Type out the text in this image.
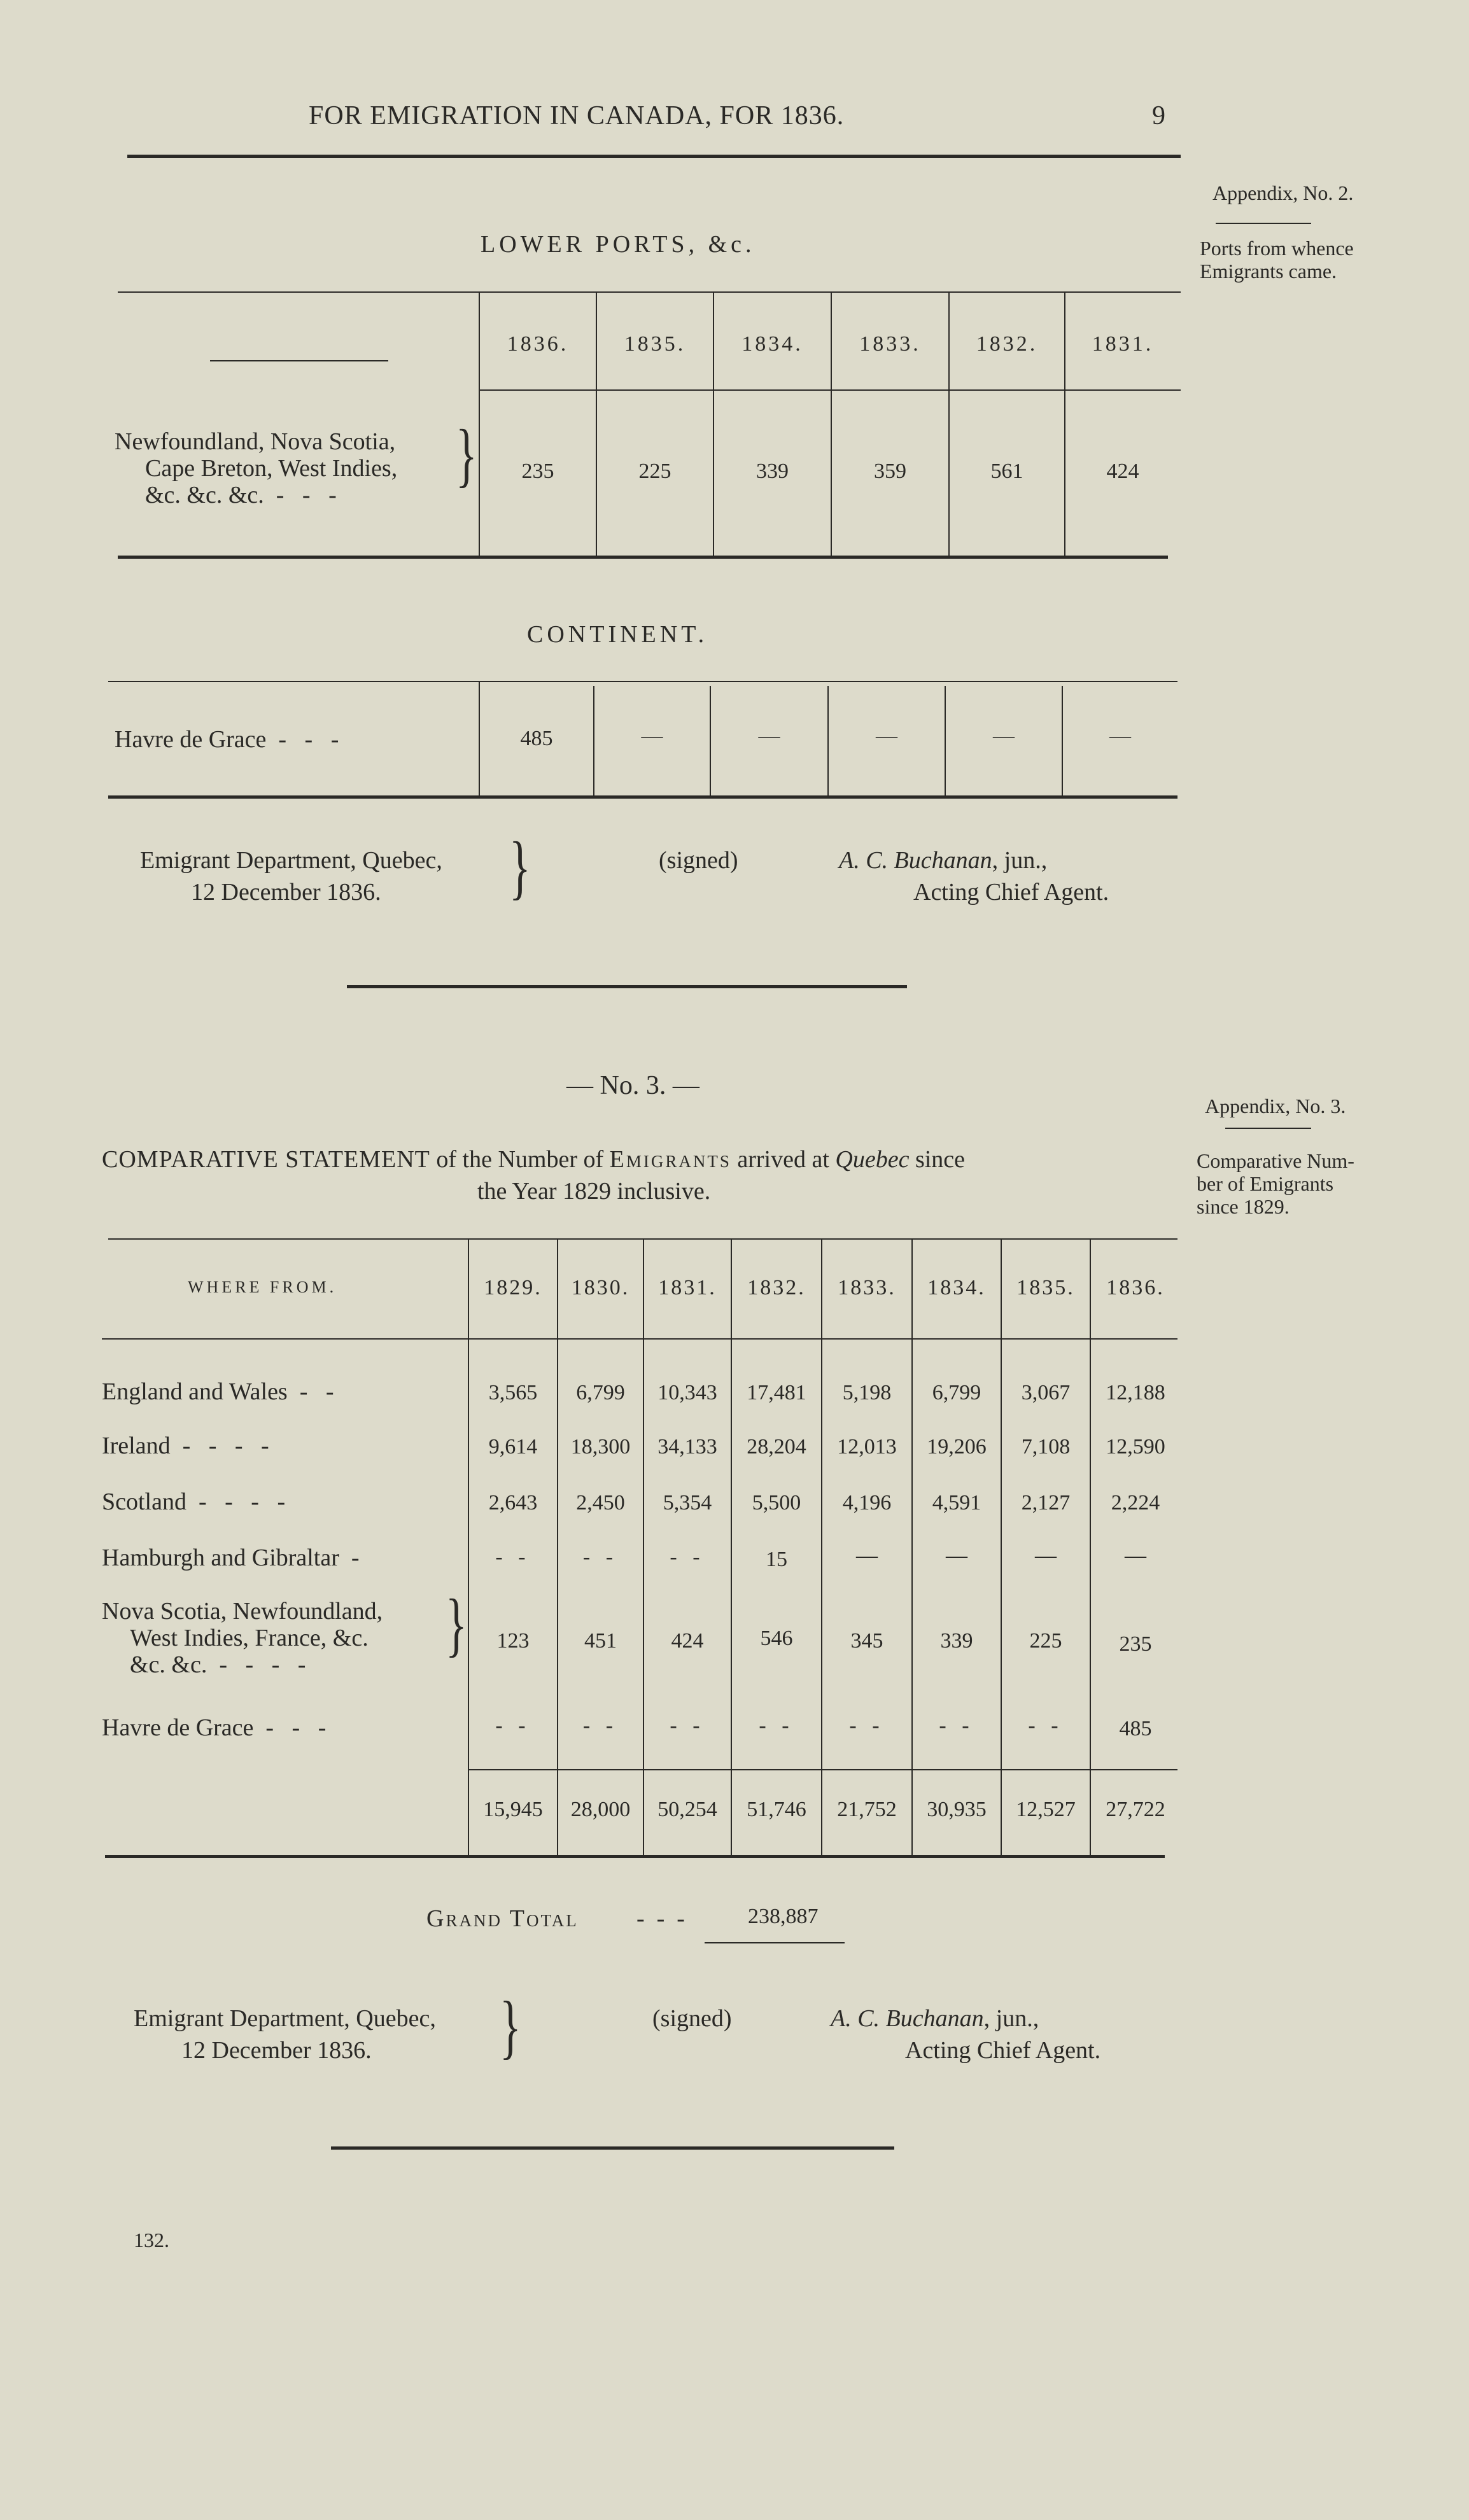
FOR EMIGRATION IN CANADA, FOR 1836.	9
Appendix, No. 2.
Ports from whence
Emigrants came.
LOWER PORTS, &c.
1836.	1835.	1834.	1833.	1832.	1831.
Newfoundland, Nova Scotia,
Cape Breton, West Indies,
&c. &c. &c.  -   -   -
}	235	225	339	359	561	424
CONTINENT.
Havre de Grace  -   -   -	485	—	—	—	—	—
Emigrant Department, Quebec,
12 December 1836.	}	(signed)	A. C. Buchanan, jun.,
Acting Chief Agent.
— No. 3. —
Appendix, No. 3.
Comparative Num-
ber of Emigrants
since 1829.
COMPARATIVE STATEMENT of the Number of Emigrants arrived at Quebec since
the Year 1829 inclusive.
WHERE FROM.	1829.	1830.	1831.	1832.	1833.	1834.	1835.	1836.
England and Wales  -   -	3,565	6,799	10,343	17,481	5,198	6,799	3,067	12,188
Ireland  -   -   -   -	9,614	18,300	34,133	28,204	12,013	19,206	7,108	12,590
Scotland  -   -   -   -	2,643	2,450	5,354	5,500	4,196	4,591	2,127	2,224
Hamburgh and Gibraltar  -	- -	- -	- -	15	—	—	—	—
Nova Scotia, Newfoundland,
West Indies, France, &c.
&c. &c.  -   -   -   -
}	123	451	424	546	345	339	225	235
Havre de Grace  -   -   -	- -	- -	- -	- -	- -	- -	- -	485
15,945	28,000	50,254	51,746	21,752	30,935	12,527	27,722
Grand Total -  -  -	238,887
Emigrant Department, Quebec,
12 December 1836.	}	(signed)	A. C. Buchanan, jun.,
Acting Chief Agent.
132.
